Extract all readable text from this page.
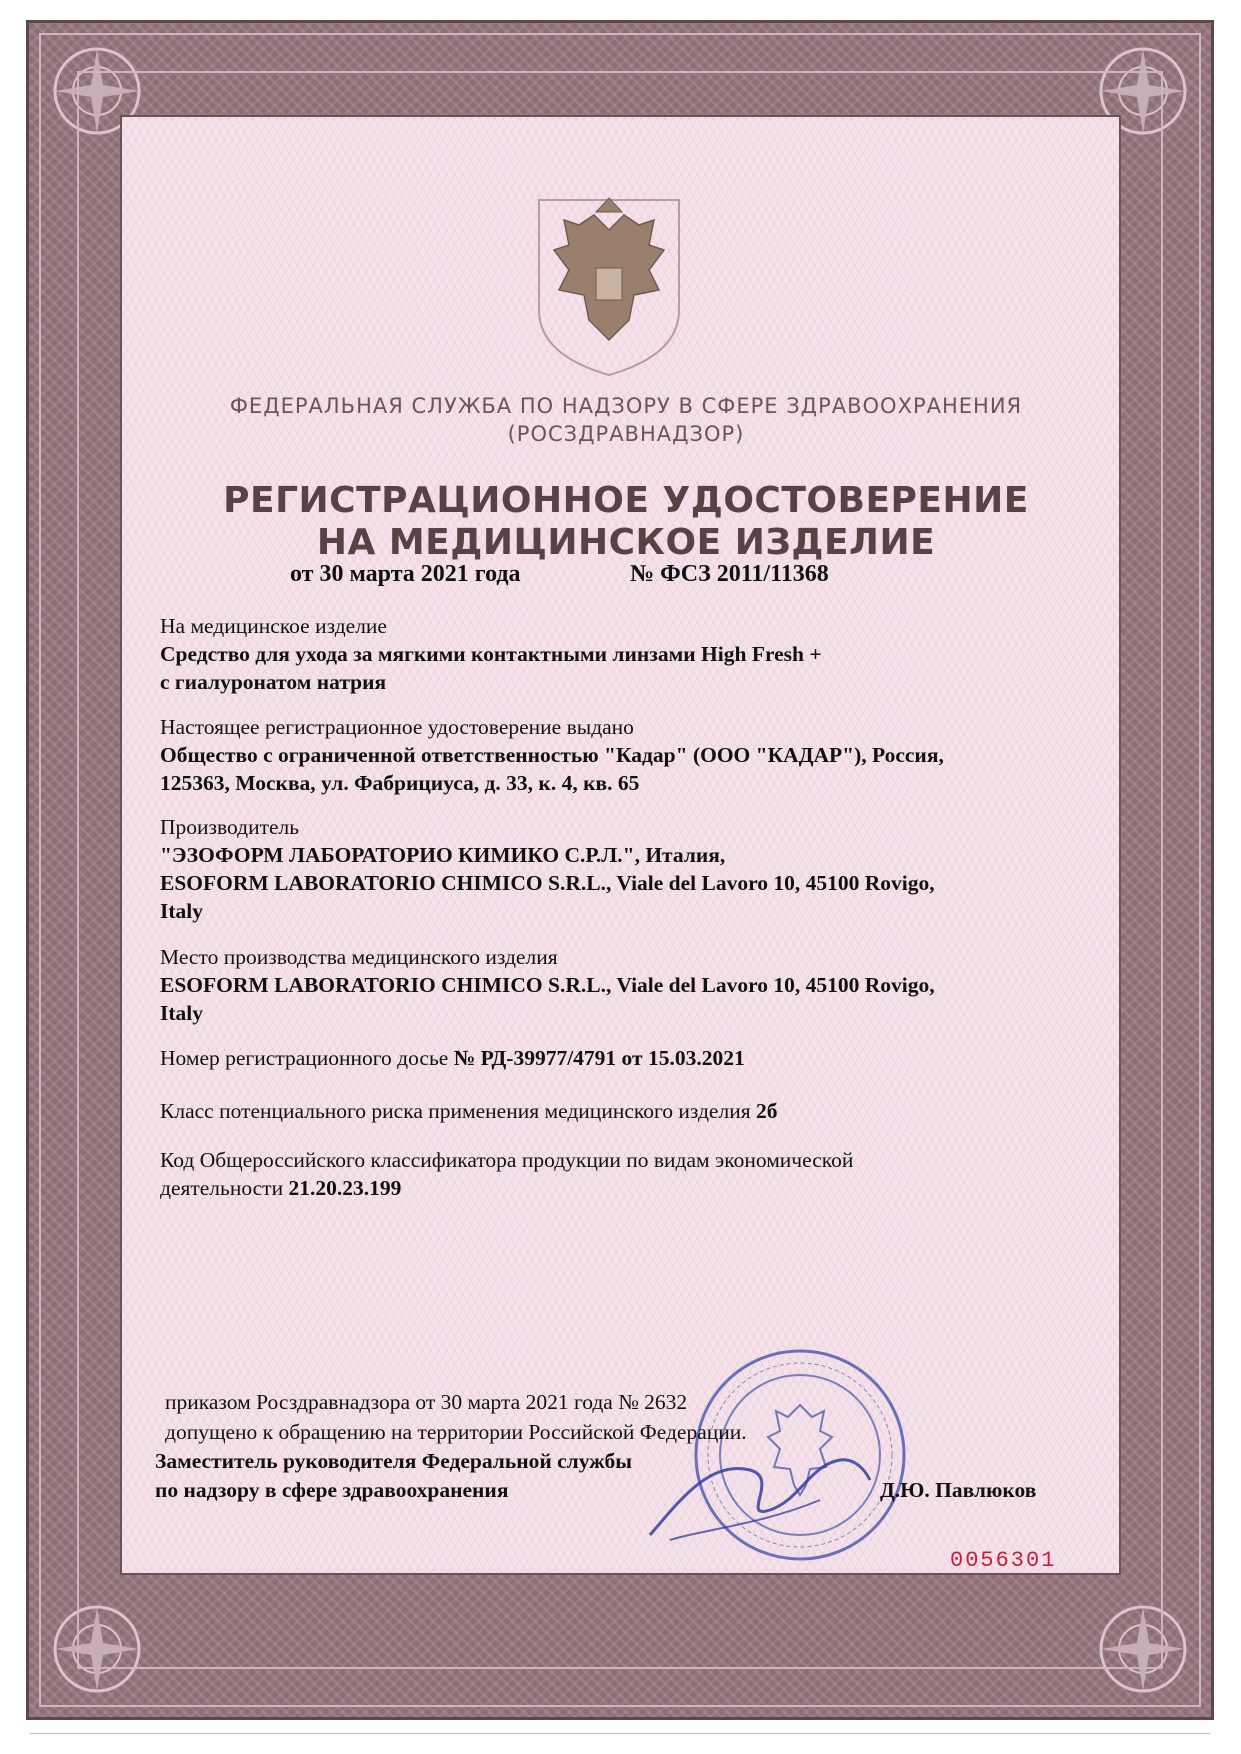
ФЕДЕРАЛЬНАЯ СЛУЖБА ПО НАДЗОРУ В СФЕРЕ ЗДРАВООХРАНЕНИЯ
(РОСЗДРАВНАДЗОР)
РЕГИСТРАЦИОННОЕ УДОСТОВЕРЕНИЕ
НА МЕДИЦИНСКОЕ ИЗДЕЛИЕ
от 30 марта 2021 года	№ ФСЗ 2011/11368
На медицинское изделие
Средство для ухода за мягкими контактными линзами High Fresh +
с гиалуронатом натрия
Настоящее регистрационное удостоверение выдано
Общество с ограниченной ответственностью "Кадар" (ООО "КАДАР"), Россия,
125363, Москва, ул. Фабрициуса, д. 33, к. 4, кв. 65
Производитель
"ЭЗОФОРМ ЛАБОРАТОРИО КИМИКО С.Р.Л.", Италия,
ESOFORM LABORATORIO CHIMICO S.R.L., Viale del Lavoro 10, 45100 Rovigo,
Italy
Место производства медицинского изделия
ESOFORM LABORATORIO CHIMICO S.R.L., Viale del Lavoro 10, 45100 Rovigo,
Italy
Номер регистрационного досье № РД-39977/4791 от 15.03.2021
Класс потенциального риска применения медицинского изделия 2б
Код Общероссийского классификатора продукции по видам экономической
деятельности 21.20.23.199
приказом Росздравнадзора от 30 марта 2021 года № 2632
допущено к обращению на территории Российской Федерации.
Заместитель руководителя Федеральной службы
по надзору в сфере здравоохранения	Д.Ю. Павлюков
0056301
